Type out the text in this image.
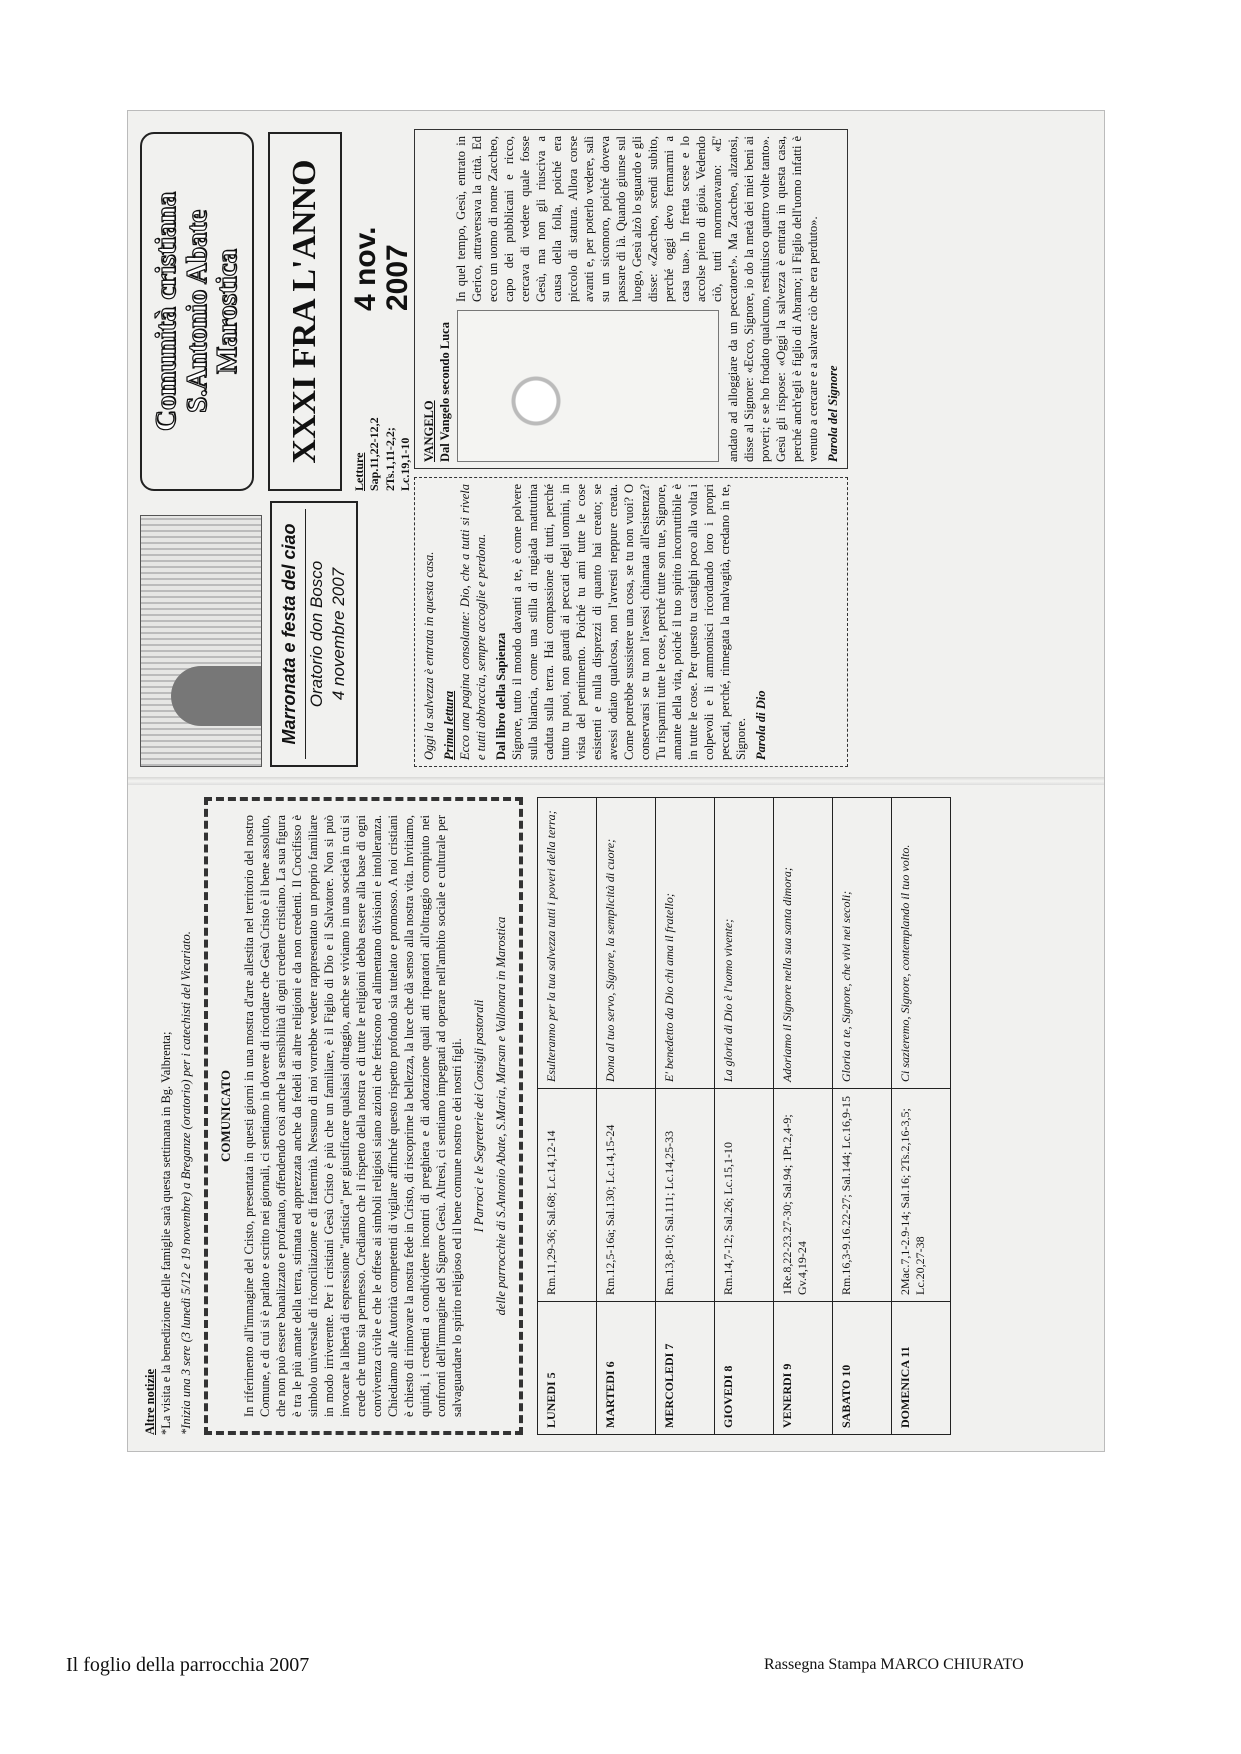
Altre notizie *La visita e la benedizione delle famiglie sarà questa settimana in Bg. Valbrenta; *Inizia una 3 sere (3 lunedì 5/12 e 19 novembre) a Breganze (oratorio) per i catechisti del Vicariato. COMUNICATO In riferimento all'immagine del Cristo, presentata in questi giorni in una mostra d'arte allestita nel territorio del nostro Comune, e di cui si è parlato e scritto nei giornali, ci sentiamo in dovere di ricordare che Gesù Cristo è il bene assoluto, che non può essere banalizzato e profanato, offendendo così anche la sensibilità di ogni credente cristiano. La sua figura è tra le più amate della terra, stimata ed apprezzata anche da fedeli di altre religioni e da non credenti. Il Crocifisso è simbolo universale di riconciliazione e di fraternità. Nessuno di noi vorrebbe vedere rappresentato un proprio familiare in modo irriverente. Per i cristiani Gesù Cristo è più che un familiare, è il Figlio di Dio e il Salvatore. Non si può invocare la libertà di espressione "artistica" per giustificare qualsiasi oltraggio, anche se viviamo in una società in cui si crede che tutto sia permesso. Crediamo che il rispetto della nostra e di tutte le religioni debba essere alla base di ogni convivenza civile e che le offese ai simboli religiosi siano azioni che feriscono ed alimentano divisioni e intolleranza. Chiediamo alle Autorità competenti di vigilare affinché questo rispetto profondo sia tutelato e promosso. A noi cristiani è chiesto di rinnovare la nostra fede in Cristo, di riscoprirne la bellezza, la luce che dà senso alla nostra vita. Invitiamo, quindi, i credenti a condividere incontri di preghiera e di adorazione quali atti riparatori all'oltraggio compiuto nei confronti dell'immagine del Signore Gesù. Altresì, ci sentiamo impegnati ad operare nell'ambito sociale e culturale per salvaguardare lo spirito religioso ed il bene comune nostro e dei nostri figli. I Parroci e le Segreterie dei Consigli pastorali delle parrocchie di S.Antonio Abate, S.Maria, Marsan e Vallonara in Marostica
LUNEDI 5	Rm.11,29-36; Sal.68; Lc.14,12-14	Esulteranno per la tua salvezza tutti i poveri della terra;
MARTEDI 6	Rm.12,5-16a; Sal.130; Lc.14,15-24	Dona al tuo servo, Signore, la semplicità di cuore;
MERCOLEDI 7	Rm.13,8-10; Sal.111; Lc.14,25-33	E' benedetto da Dio chi ama il fratello;
GIOVEDI 8	Rm.14,7-12; Sal.26; Lc.15,1-10	La gloria di Dio è l'uomo vivente;
VENERDI 9	1Re.8,22-23.27-30; Sal.94; 1Pt.2,4-9; Gv.4,19-24	Adoriamo il Signore nella sua santa dimora;
SABATO 10	Rm.16,3-9.16.22-27; Sal.144; Lc.16,9-15	Gloria a te, Signore, che vivi nei secoli;
DOMENICA 11	2Mac.7,1-2.9-14; Sal.16; 2Ts.2,16-3,5; Lc.20,27-38	Ci sazieremo, Signore, contemplando il tuo volto.
Marronata e festa del ciao Oratorio don Bosco 4 novembre 2007
Comunità cristiana
S.Antonio Abate
Marostica	XXXI FRA L'ANNO
Letture Sap.11,22-12,2 2Ts.1,11-2,2; Lc.19,1-10
4 nov.
2007

Oggi la salvezza è entrata in questa casa. Prima lettura Ecco una pagina consolante: Dio, che a tutti si rivela e tutti abbraccia, sempre accoglie e perdona. Dal libro della Sapienza Signore, tutto il mondo davanti a te, è come polvere sulla bilancia, come una stilla di rugiada mattutina caduta sulla terra. Hai compassione di tutti, perché tutto tu puoi, non guardi ai peccati degli uomini, in vista del pentimento. Poiché tu ami tutte le cose esistenti e nulla disprezzi di quanto hai creato; se avessi odiato qualcosa, non l'avresti neppure creata. Come potrebbe sussistere una cosa, se tu non vuoi? O conservarsi se tu non l'avessi chiamata all'esistenza? Tu risparmi tutte le cose, perché tutte son tue, Signore, amante della vita, poiché il tuo spirito incorruttibile è in tutte le cose. Per questo tu castighi poco alla volta i colpevoli e li ammonisci ricordando loro i propri peccati, perché, rinnegata la malvagità, credano in te, Signore. Parola di Dio
VANGELO Dal Vangelo secondo Luca

In quel tempo, Gesù, entrato in Gerico, attraversava la città. Ed ecco un uomo di nome Zaccheo, capo dei pubblicani e ricco, cercava di vedere quale fosse Gesù, ma non gli riusciva a causa della folla, poiché era piccolo di statura. Allora corse avanti e, per poterlo vedere, salì su un sicomoro, poiché doveva passare di là. Quando giunse sul luogo, Gesù alzò lo sguardo e gli disse: «Zaccheo, scendi subito, perché oggi devo fermarmi a casa tua». In fretta scese e lo accolse pieno di gioia. Vedendo ciò, tutti mormoravano: «E' andato ad alloggiare da un peccatore!». Ma Zaccheo, alzatosi, disse al Signore: «Ecco, Signore, io do la metà dei miei beni ai poveri; e se ho frodato qualcuno, restituisco quattro volte tanto». Gesù gli rispose: «Oggi la salvezza è entrata in questa casa, perché anch'egli è figlio di Abramo; il Figlio dell'uomo infatti è venuto a cercare e a salvare ciò che era perduto». Parola del Signore
Il foglio della parrocchia 2007	Rassegna Stampa MARCO CHIURATO
